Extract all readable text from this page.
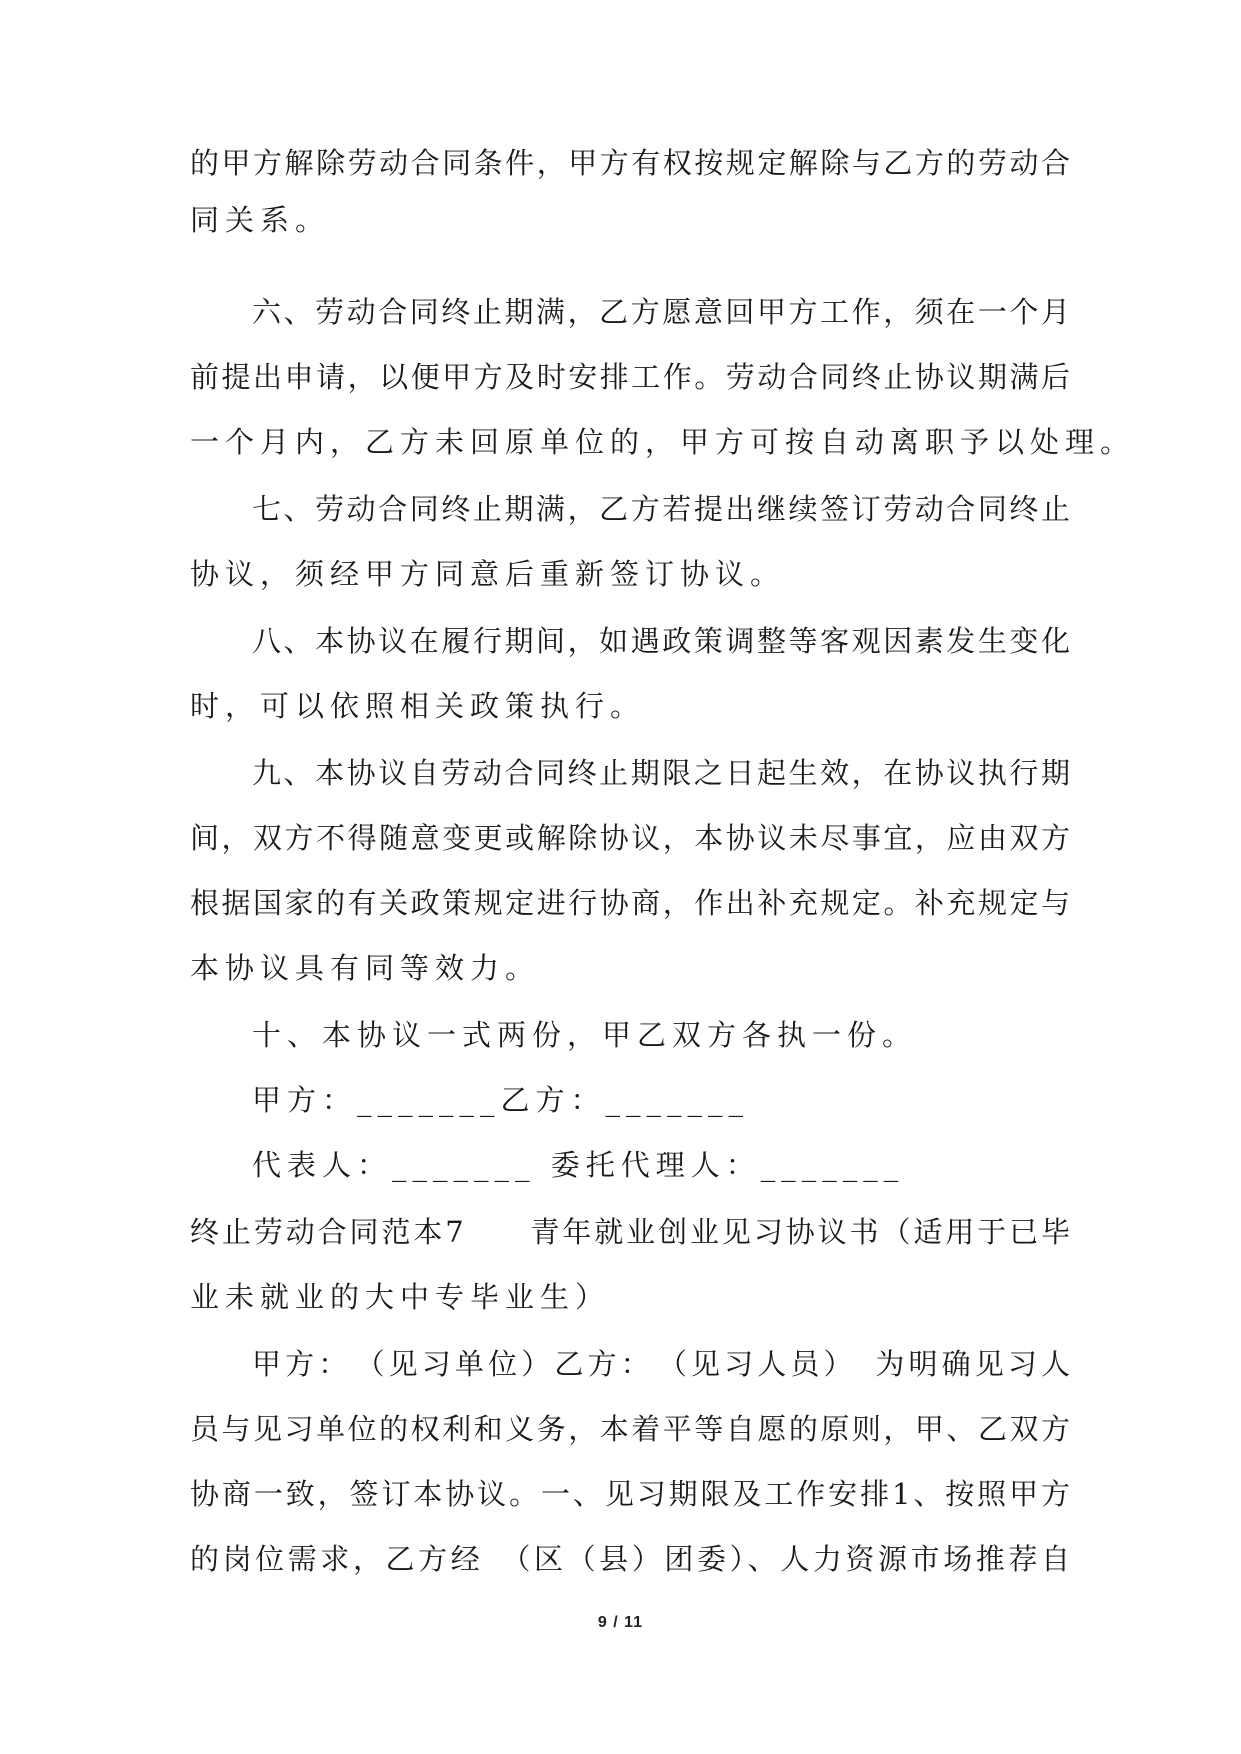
的甲方解除劳动合同条件，甲方有权按规定解除与乙方的劳动合
同关系。
六、劳动合同终止期满，乙方愿意回甲方工作，须在一个月
前提出申请，以便甲方及时安排工作。劳动合同终止协议期满后
一个月内，乙方未回原单位的，甲方可按自动离职予以处理。
七、劳动合同终止期满，乙方若提出继续签订劳动合同终止
协议，须经甲方同意后重新签订协议。
八、本协议在履行期间，如遇政策调整等客观因素发生变化
时，可以依照相关政策执行。
九、本协议自劳动合同终止期限之日起生效，在协议执行期
间，双方不得随意变更或解除协议，本协议未尽事宜，应由双方
根据国家的有关政策规定进行协商，作出补充规定。补充规定与
本协议具有同等效力。
十、本协议一式两份，甲乙双方各执一份。
甲方：_______乙方：_______
代表人：_______ 委托代理人：_______
终止劳动合同范本7　　青年就业创业见习协议书（适用于已毕
业未就业的大中专毕业生）
甲方：　（见习单位）乙方：　（见习人员）　为明确见习人
员与见习单位的权利和义务，本着平等自愿的原则，甲、乙双方
协商一致，签订本协议。一、见习期限及工作安排1、按照甲方
的岗位需求，乙方经　（区（县）团委）、人力资源市场推荐自
9 / 11
